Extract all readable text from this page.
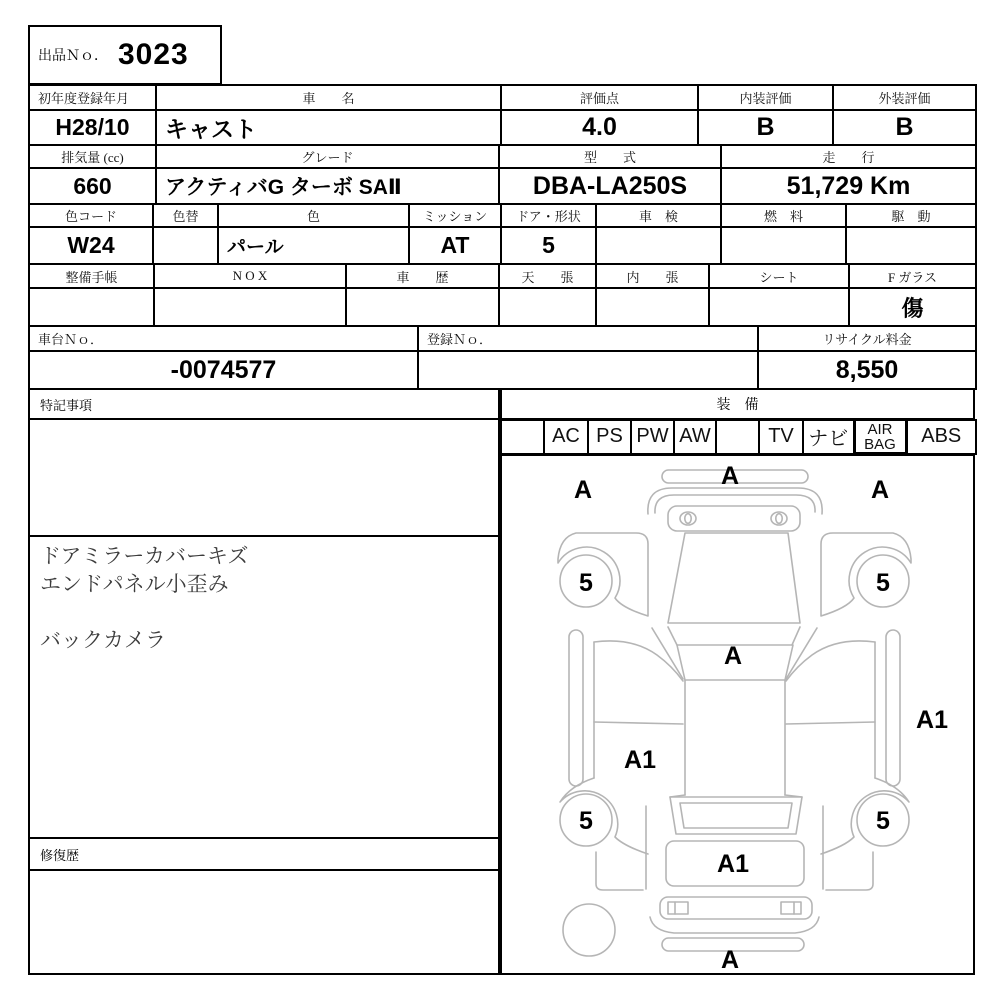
出品Ｎｏ． 3023
初年度登録年月	車　　名	評価点	内装評価	外装評価
H28/10	キャスト	4.0	B	B
排気量 (cc)	グレード	型　　式	走　　行
660	アクティバG ターボ SAⅡ	DBA-LA250S	51,729 Km
色コード	色替	色	ミッション	ドア・形状	車　検	燃　料	駆　動
W24		パール	AT	5			
整備手帳	N O X	車　　歴	天　　張	内　　張	シート	F ガラス
						傷
車台Ｎｏ．	登録Ｎｏ．	リサイクル料金
-0074577		8,550
特記事項
ドアミラーカバーキズ
エンドパネル小歪み
バックカメラ
修復歴
装　備
	AC	PS	PW	AW		TV	ナビ	AIR BAG	ABS
A
A	A
5	5
A
A1
A1
5	5
A1
A
